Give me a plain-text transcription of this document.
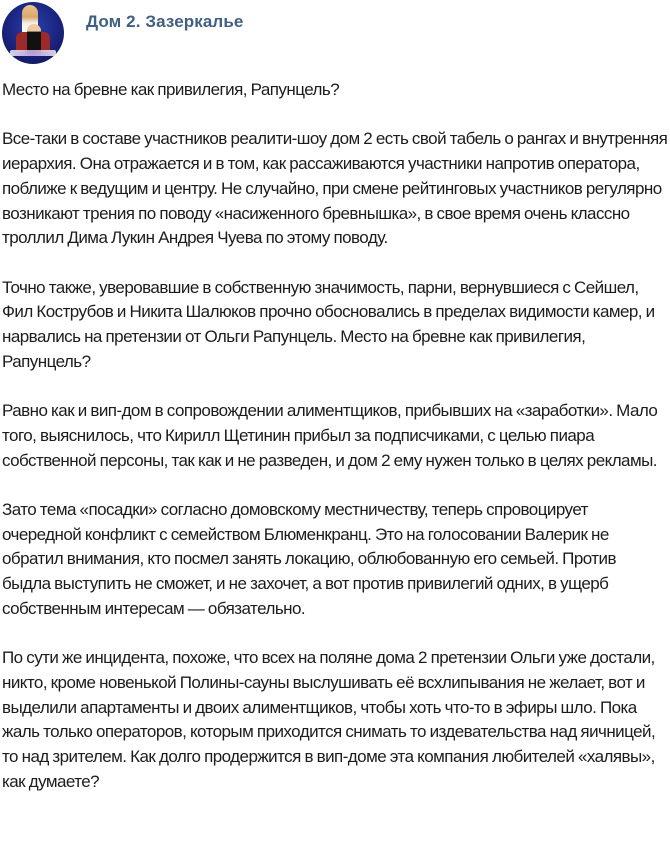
Дом 2. Зазеркалье

Место на бревне как привилегия, Рапунцель?

Все-таки в составе участников реалити-шоу дом 2 есть свой табель о рангах и внутренняя иерархия. Она отражается и в том, как рассаживаются участники напротив оператора, поближе к ведущим и центру. Не случайно, при смене рейтинговых участников регулярно возникают трения по поводу «насиженного бревнышка», в свое время очень классно троллил Дима Лукин Андрея Чуева по этому поводу.

Точно также, уверовавшие в собственную значимость, парни, вернувшиеся с Сейшел, Фил Кострубов и Никита Шалюков прочно обосновались в пределах видимости камер, и нарвались на претензии от Ольги Рапунцель. Место на бревне как привилегия, Рапунцель?

Равно как и вип-дом в сопровождении алиментщиков, прибывших на «заработки». Мало того, выяснилось, что Кирилл Щетинин прибыл за подписчиками, с целью пиара собственной персоны, так как и не разведен, и дом 2 ему нужен только в целях рекламы.

Зато тема «посадки» согласно домовскому местничеству, теперь спровоцирует очередной конфликт с семейством Блюменкранц. Это на голосовании Валерик не обратил внимания, кто посмел занять локацию, облюбованную его семьей. Против быдла выступить не сможет, и не захочет, а вот против привилегий одних, в ущерб собственным интересам — обязательно.

По сути же инцидента, похоже, что всех на поляне дома 2 претензии Ольги уже достали, никто, кроме новенькой Полины-сауны выслушивать её всхлипывания не желает, вот и выделили апартаменты и двоих алиментщиков, чтобы хоть что-то в эфиры шло. Пока жаль только операторов, которым приходится снимать то издевательства над яичницей, то над зрителем. Как долго продержится в вип-доме эта компания любителей «халявы», как думаете?
